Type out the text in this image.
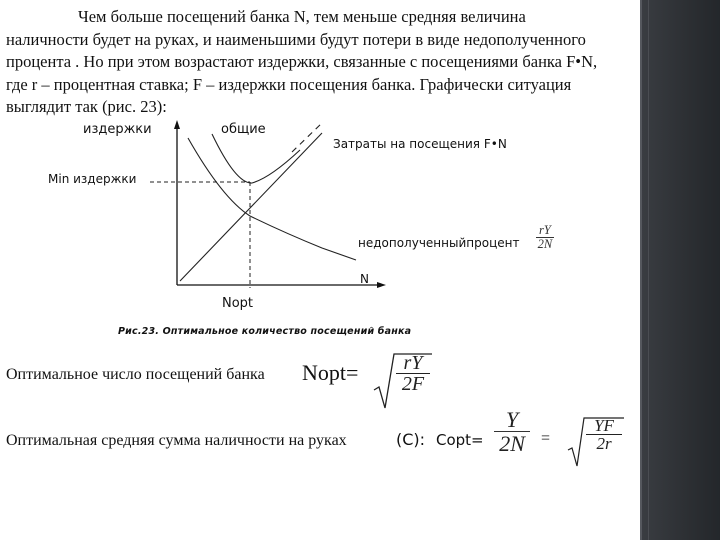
Чем больше посещений банка N, тем меньше средняя величина наличности будет на руках, и наименьшими будут потери в виде недополученного процента . Но при этом возрастают издержки, связанные с посещениями банка F•N, где r – процентная ставка; F – издержки посещения банка. Графически ситуация выглядит так (рис. 23):

издержки	общие
Затраты на посещения F•N
Min издержки
недополученныйпроцент $\frac{rY}{2N}$
N
Nopt
Рис.23. Оптимальное количество посещений банка
Оптимальное число посещений банка Nopt= $\frac{rY}{2F}$
Оптимальная средняя сумма наличности на руках	(С): Copt= $\frac{Y}{2N} = \frac{YF}{2r}$
